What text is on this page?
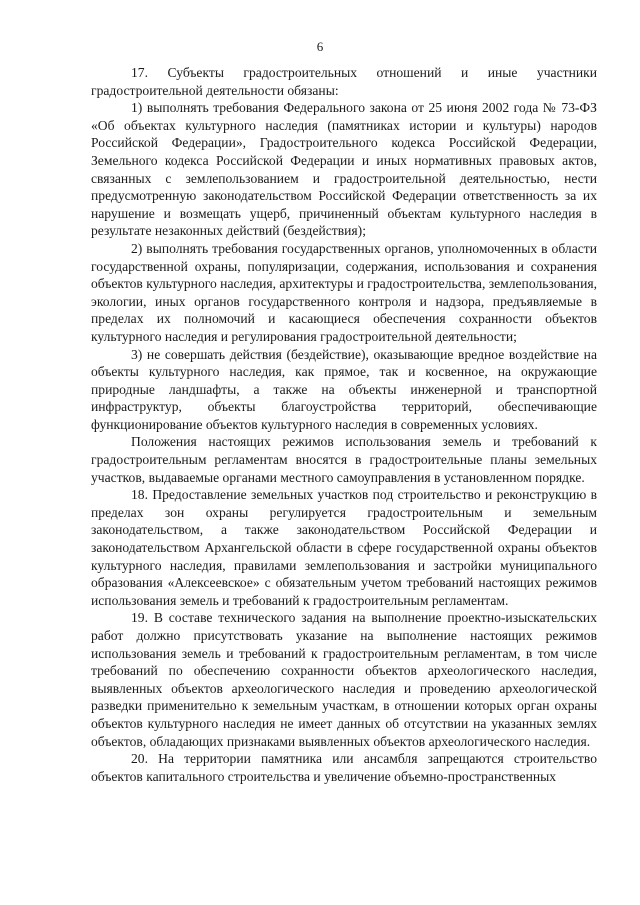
6

17. Субъекты градостроительных отношений и иные участники градостроительной деятельности обязаны:

1) выполнять требования Федерального закона от 25 июня 2002 года № 73-ФЗ «Об объектах культурного наследия (памятниках истории и культуры) народов Российской Федерации», Градостроительного кодекса Российской Федерации, Земельного кодекса Российской Федерации и иных нормативных правовых актов, связанных с землепользованием и градостроительной деятельностью, нести предусмотренную законодательством Российской Федерации ответственность за их нарушение и возмещать ущерб, причиненный объектам культурного наследия в результате незаконных действий (бездействия);

2) выполнять требования государственных органов, уполномоченных в области государственной охраны, популяризации, содержания, использования и сохранения объектов культурного наследия, архитектуры и градостроительства, землепользования, экологии, иных органов государственного контроля и надзора, предъявляемые в пределах их полномочий и касающиеся обеспечения сохранности объектов культурного наследия и регулирования градостроительной деятельности;

3) не совершать действия (бездействие), оказывающие вредное воздействие на объекты культурного наследия, как прямое, так и косвенное, на окружающие природные ландшафты, а также на объекты инженерной и транспортной инфраструктур, объекты благоустройства территорий, обеспечивающие функционирование объектов культурного наследия в современных условиях.

Положения настоящих режимов использования земель и требований к градостроительным регламентам вносятся в градостроительные планы земельных участков, выдаваемые органами местного самоуправления в установленном порядке.

18. Предоставление земельных участков под строительство и реконструкцию в пределах зон охраны регулируется градостроительным и земельным законодательством, а также законодательством Российской Федерации и законодательством Архангельской области в сфере государственной охраны объектов культурного наследия, правилами землепользования и застройки муниципального образования «Алексеевское» с обязательным учетом требований настоящих режимов использования земель и требований к градостроительным регламентам.

19. В составе технического задания на выполнение проектно-изыскательских работ должно присутствовать указание на выполнение настоящих режимов использования земель и требований к градостроительным регламентам, в том числе требований по обеспечению сохранности объектов археологического наследия, выявленных объектов археологического наследия и проведению археологической разведки применительно к земельным участкам, в отношении которых орган охраны объектов культурного наследия не имеет данных об отсутствии на указанных землях объектов, обладающих признаками выявленных объектов археологического наследия.

20. На территории памятника или ансамбля запрещаются строительство объектов капитального строительства и увеличение объемно-пространственных
